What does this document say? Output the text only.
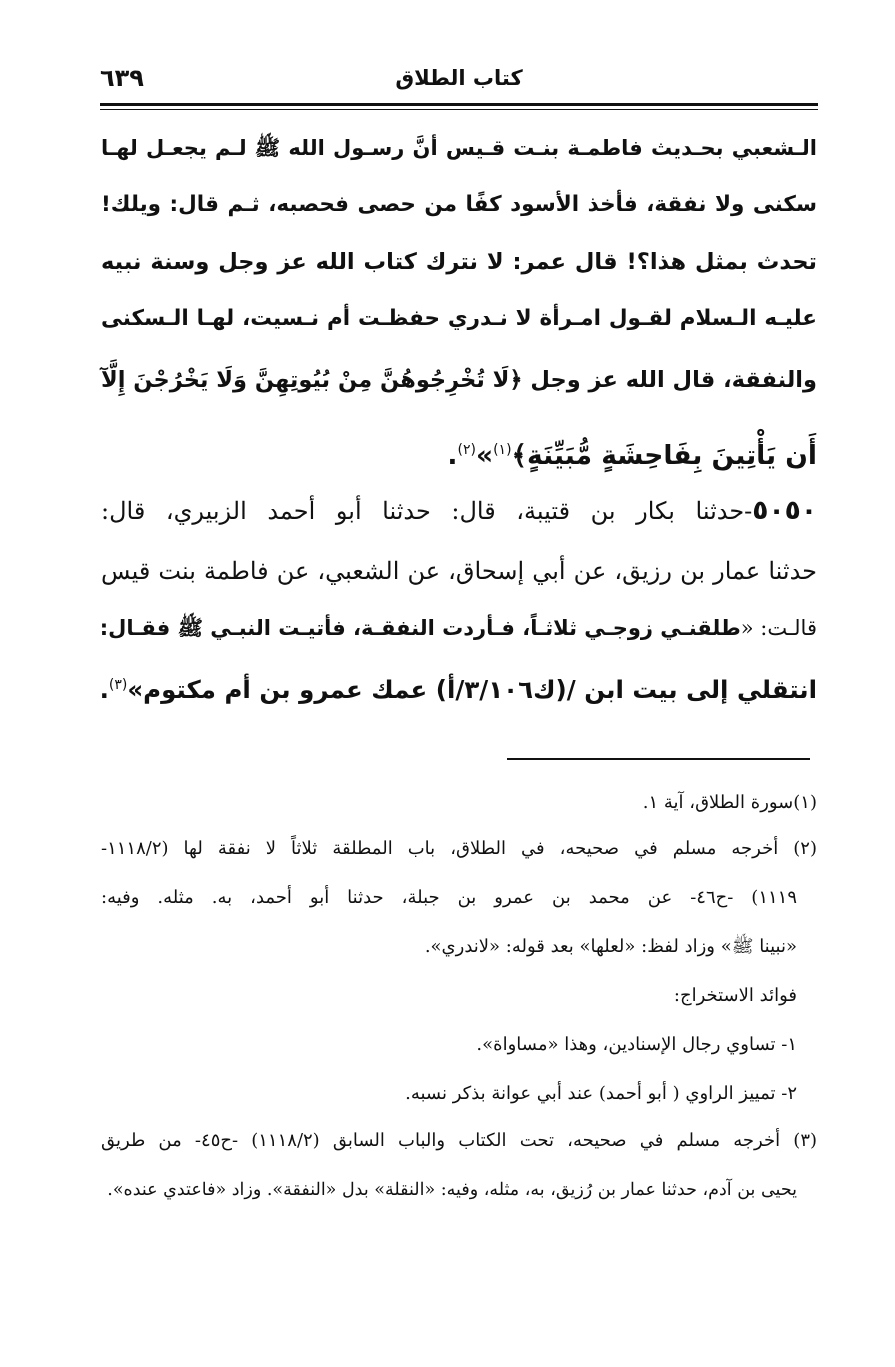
٦٣٩	كتاب الطلاق
الـشعبي بحـديث فاطمـة بنـت قـيس أنَّ رسـول الله ﷺ لـم يجعـل لهـا
سكنى ولا نفقة، فأخذ الأسود كفًا من حصى فحصبه، ثـم قال: ويلك!
تحدث بمثل هذا؟! قال عمر: لا نترك كتاب الله عز وجل وسنة نبيه
عليـه الـسلام لقـول امـرأة لا نـدري حفظـت أم نـسيت، لهـا الـسكنى
والنفقة، قال الله عز وجل ﴿لَا تُخْرِجُوهُنَّ مِنْ بُيُوتِهِنَّ وَلَا يَخْرُجْنَ إِلَّآ
أَن يَأْتِينَ بِفَاحِشَةٍ مُّبَيِّنَةٍ﴾$^{(١)}$»$^{(٢)}$.
٥٠٥٠-حدثنا بكار بن قتيبة، قال: حدثنا أبو أحمد الزبيري، قال:
حدثنا عمار بن رزيق، عن أبي إسحاق، عن الشعبي، عن فاطمة بنت قيس
قالـت: «طلقنـي زوجـي ثلاثـاً، فـأردت النفقـة، فأتيـت النبـي ﷺ فقـال:
انتقلي إلى بيت ابن /(ك٣/١٠٦/أ) عمك عمرو بن أم مكتوم»$^{(٣)}$.
(١)سورة الطلاق، آية ١.
(٢) أخرجه مسلم في صحيحه، في الطلاق، باب المطلقة ثلاثاً لا نفقة لها (١١١٨/٢-
١١١٩) -ح٤٦- عن محمد بن عمرو بن جبلة، حدثنا أبو أحمد، به. مثله. وفيه:
«نبينا ﷺ» وزاد لفظ: «لعلها» بعد قوله: «لاندري».
فوائد الاستخراج:
١- تساوي رجال الإسنادين، وهذا «مساواة».
٢- تمييز الراوي ( أبو أحمد) عند أبي عوانة بذكر نسبه.
(٣) أخرجه مسلم في صحيحه، تحت الكتاب والباب السابق (١١١٨/٢) -ح٤٥- من طريق
يحيى بن آدم، حدثنا عمار بن رُزيق، به، مثله، وفيه: «النقلة» بدل «النفقة». وزاد «فاعتدي عنده».
